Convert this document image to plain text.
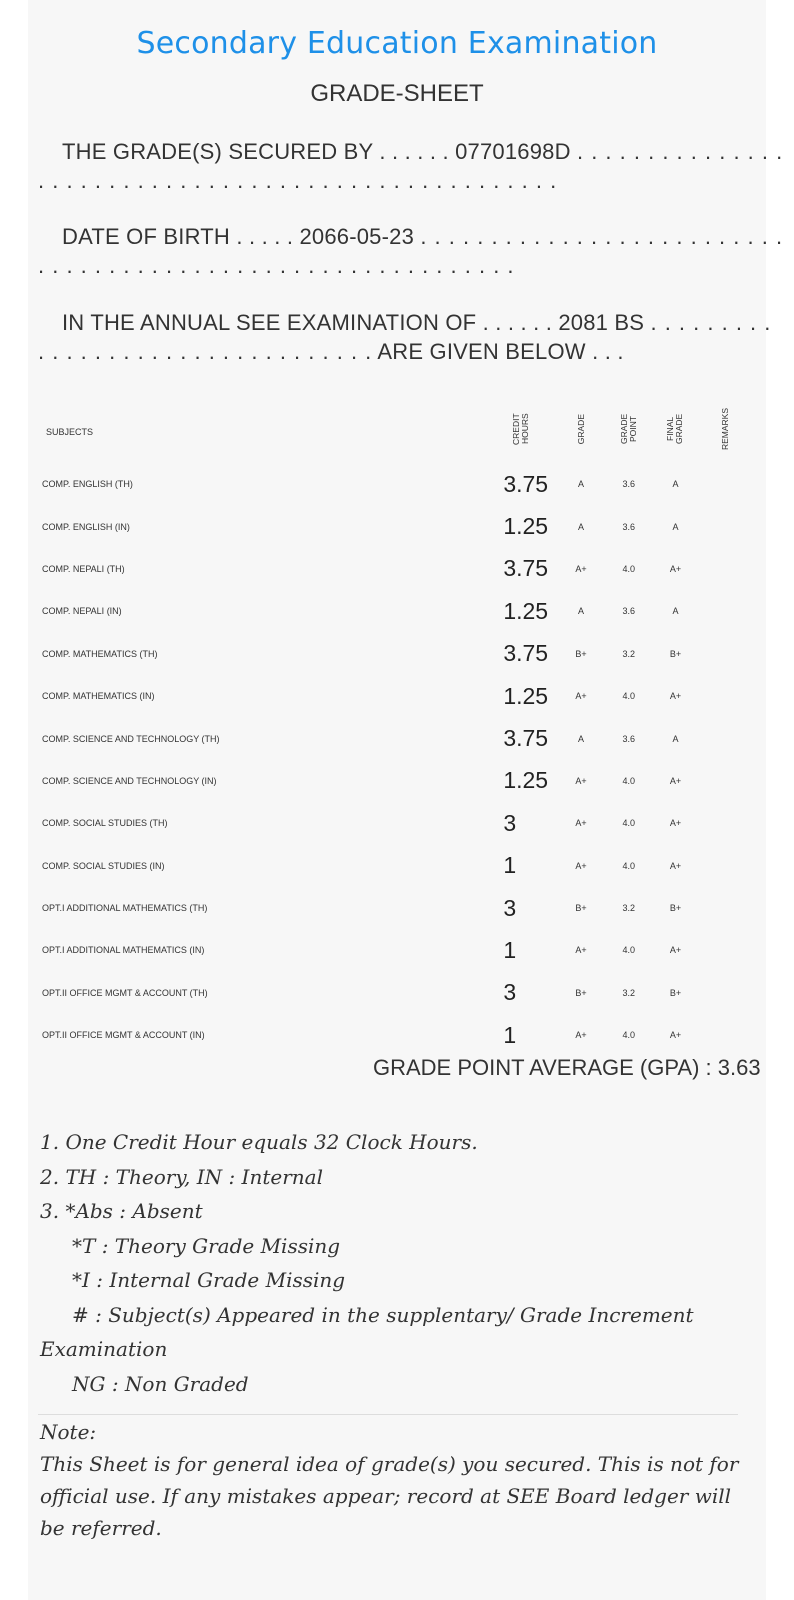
Secondary Education Examination
GRADE-SHEET
THE GRADE(S) SECURED BY . . . . . . 07701698D . . . . . . . . . . . . . . .
. . . . . . . . . . . . . . . . . . . . . . . . . . . . . . . . . . . . .
DATE OF BIRTH . . . . . 2066-05-23 . . . . . . . . . . . . . . . . . . . . . . . . . .
. . . . . . . . . . . . . . . . . . . . . . . . . . . . . . . . . .
IN THE ANNUAL SEE EXAMINATION OF . . . . . . 2081 BS . . . . . . . . .
. . . . . . . . . . . . . . . . . . . . . . . . ARE GIVEN BELOW . . .
SUBJECTS	CREDIT HOURS	GRADE	GRADE POINT	FINAL GRADE	REMARKS
COMP. ENGLISH (TH)	3.75	A	3.6	A	
COMP. ENGLISH (IN)	1.25	A	3.6	A	
COMP. NEPALI (TH)	3.75	A+	4.0	A+	
COMP. NEPALI (IN)	1.25	A	3.6	A	
COMP. MATHEMATICS (TH)	3.75	B+	3.2	B+	
COMP. MATHEMATICS (IN)	1.25	A+	4.0	A+	
COMP. SCIENCE AND TECHNOLOGY (TH)	3.75	A	3.6	A	
COMP. SCIENCE AND TECHNOLOGY (IN)	1.25	A+	4.0	A+	
COMP. SOCIAL STUDIES (TH)	3	A+	4.0	A+	
COMP. SOCIAL STUDIES (IN)	1	A+	4.0	A+	
OPT.I ADDITIONAL MATHEMATICS (TH)	3	B+	3.2	B+	
OPT.I ADDITIONAL MATHEMATICS (IN)	1	A+	4.0	A+	
OPT.II OFFICE MGMT & ACCOUNT (TH)	3	B+	3.2	B+	
OPT.II OFFICE MGMT & ACCOUNT (IN)	1	A+	4.0	A+	
GRADE POINT AVERAGE (GPA) : 3.63
1. One Credit Hour equals 32 Clock Hours.
2. TH : Theory, IN : Internal
3. *Abs : Absent
*T : Theory Grade Missing
*I : Internal Grade Missing
# : Subject(s) Appeared in the supplentary/ Grade Increment
Examination
NG : Non Graded
Note:
This Sheet is for general idea of grade(s) you secured. This is not for
official use. If any mistakes appear; record at SEE Board ledger will
be referred.
